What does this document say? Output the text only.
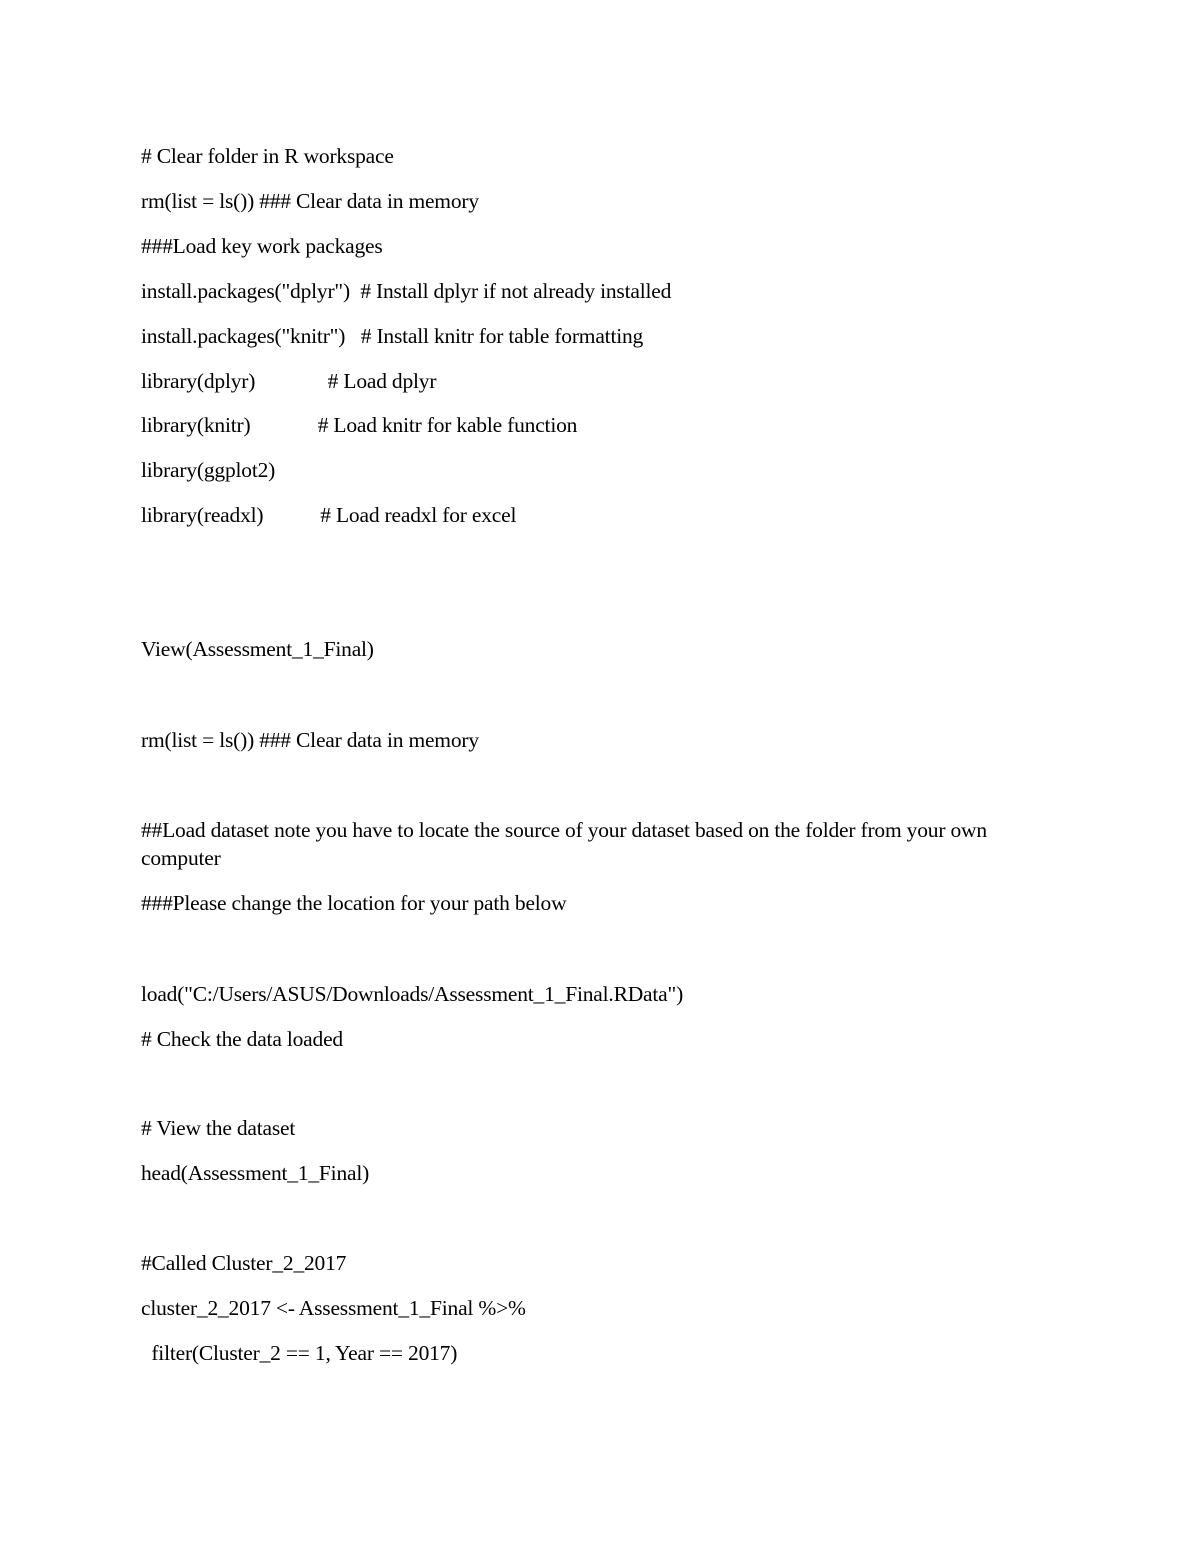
# Clear folder in R workspace
rm(list = ls()) ### Clear data in memory
###Load key work packages
install.packages("dplyr")  # Install dplyr if not already installed
install.packages("knitr")   # Install knitr for table formatting
library(dplyr)              # Load dplyr
library(knitr)             # Load knitr for kable function
library(ggplot2)
library(readxl)           # Load readxl for excel
View(Assessment_1_Final)
rm(list = ls()) ### Clear data in memory
##Load dataset note you have to locate the source of your dataset based on the folder from your own computer
###Please change the location for your path below
load("C:/Users/ASUS/Downloads/Assessment_1_Final.RData")
# Check the data loaded
# View the dataset
head(Assessment_1_Final)
#Called Cluster_2_2017
cluster_2_2017 <- Assessment_1_Final %>%
filter(Cluster_2 == 1, Year == 2017)
